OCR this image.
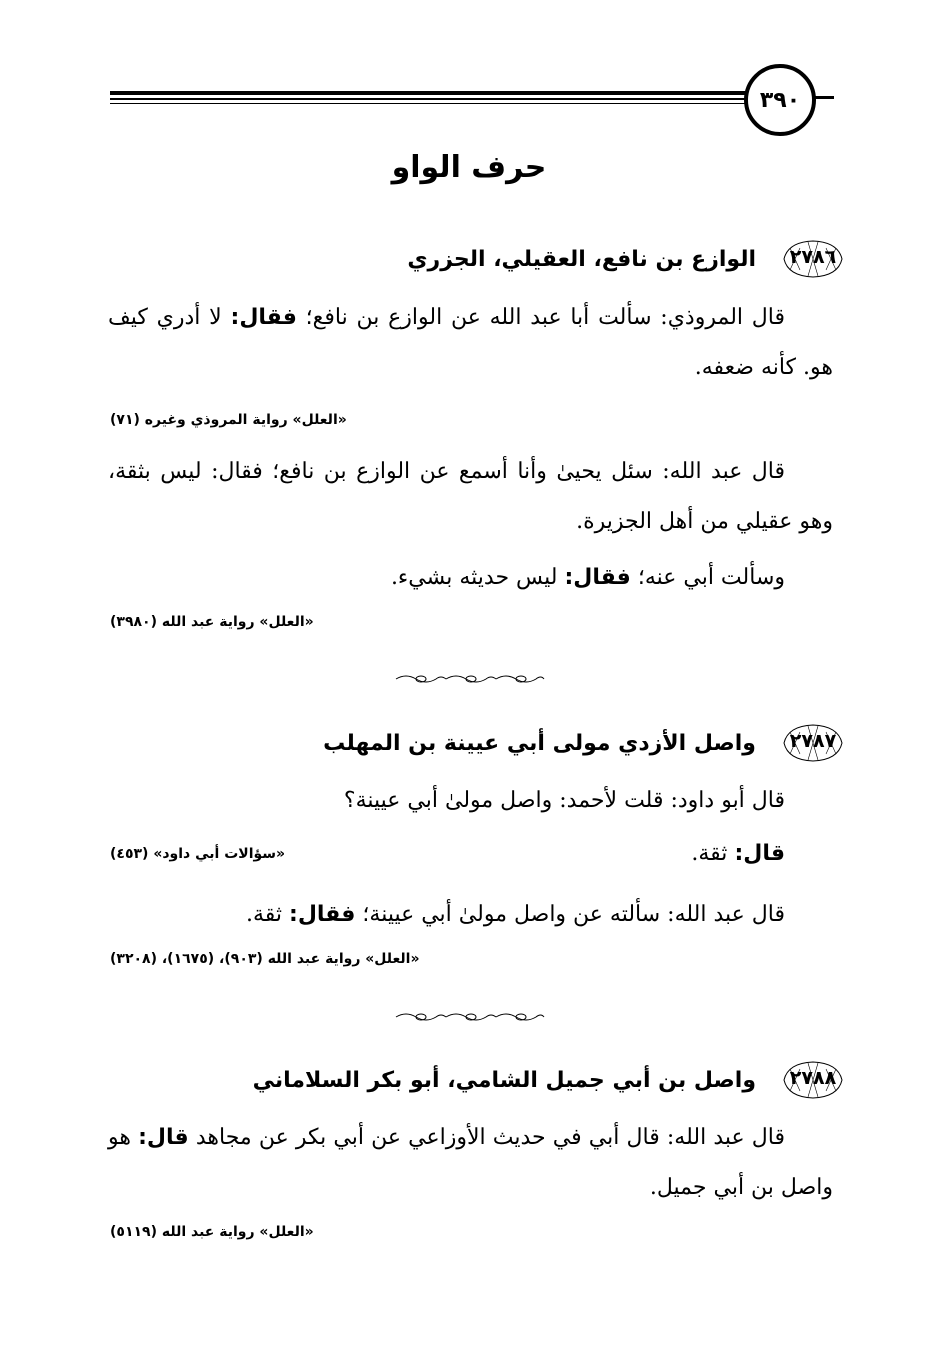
٣٩٠
حرف الواو
٢٧٨٦
الوازع بن نافع، العقيلي، الجزري
قال المروذي: سألت أبا عبد الله عن الوازع بن نافع؛ فقال: لا أدري كيف هو. كأنه ضعفه.
«العلل» رواية المروذي وغيره (٧١)
قال عبد الله: سئل يحيىٰ وأنا أسمع عن الوازع بن نافع؛ فقال: ليس بثقة، وهو عقيلي من أهل الجزيرة.
وسألت أبي عنه؛ فقال: ليس حديثه بشيء.
«العلل» رواية عبد الله (٣٩٨٠)
٢٧٨٧
واصل الأزدي مولى أبي عيينة بن المهلب
قال أبو داود: قلت لأحمد: واصل مولىٰ أبي عيينة؟
قال: ثقة.
«سؤالات أبي داود» (٤٥٣)
قال عبد الله: سألته عن واصل مولىٰ أبي عيينة؛ فقال: ثقة.
«العلل» رواية عبد الله (٩٠٣)، (١٦٧٥)، (٣٢٠٨)
٢٧٨٨
واصل بن أبي جميل الشامي، أبو بكر السلاماني
قال عبد الله: قال أبي في حديث الأوزاعي عن أبي بكر عن مجاهد قال: هو واصل بن أبي جميل.
«العلل» رواية عبد الله (٥١١٩)
